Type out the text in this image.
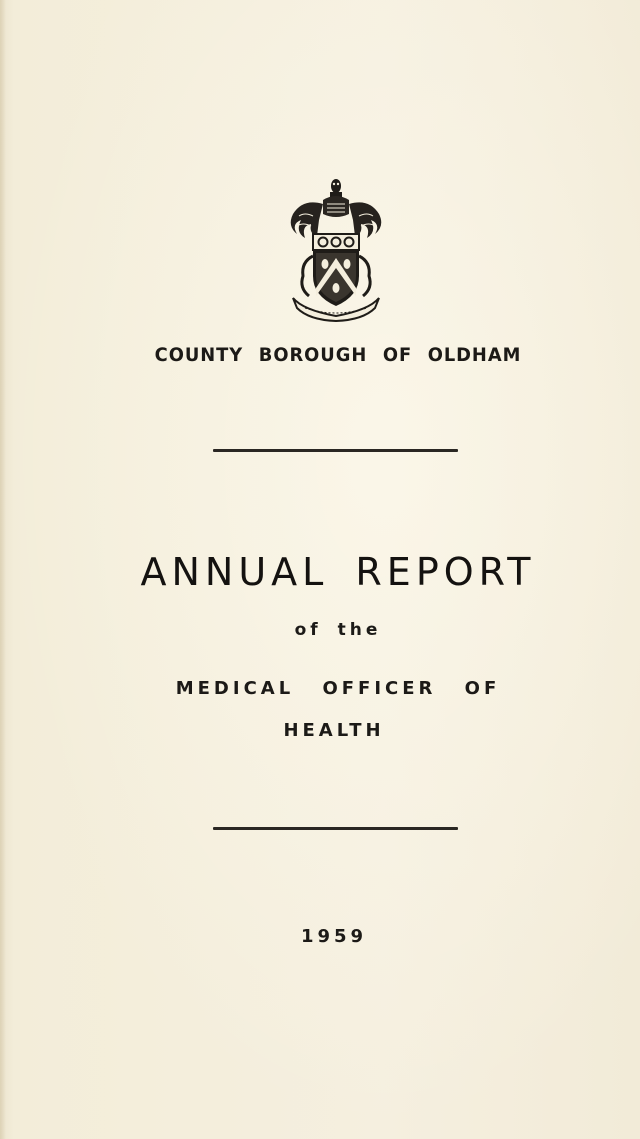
COUNTY BOROUGH OF OLDHAM
ANNUAL REPORT
of the
MEDICAL OFFICER OF
HEALTH
1959
